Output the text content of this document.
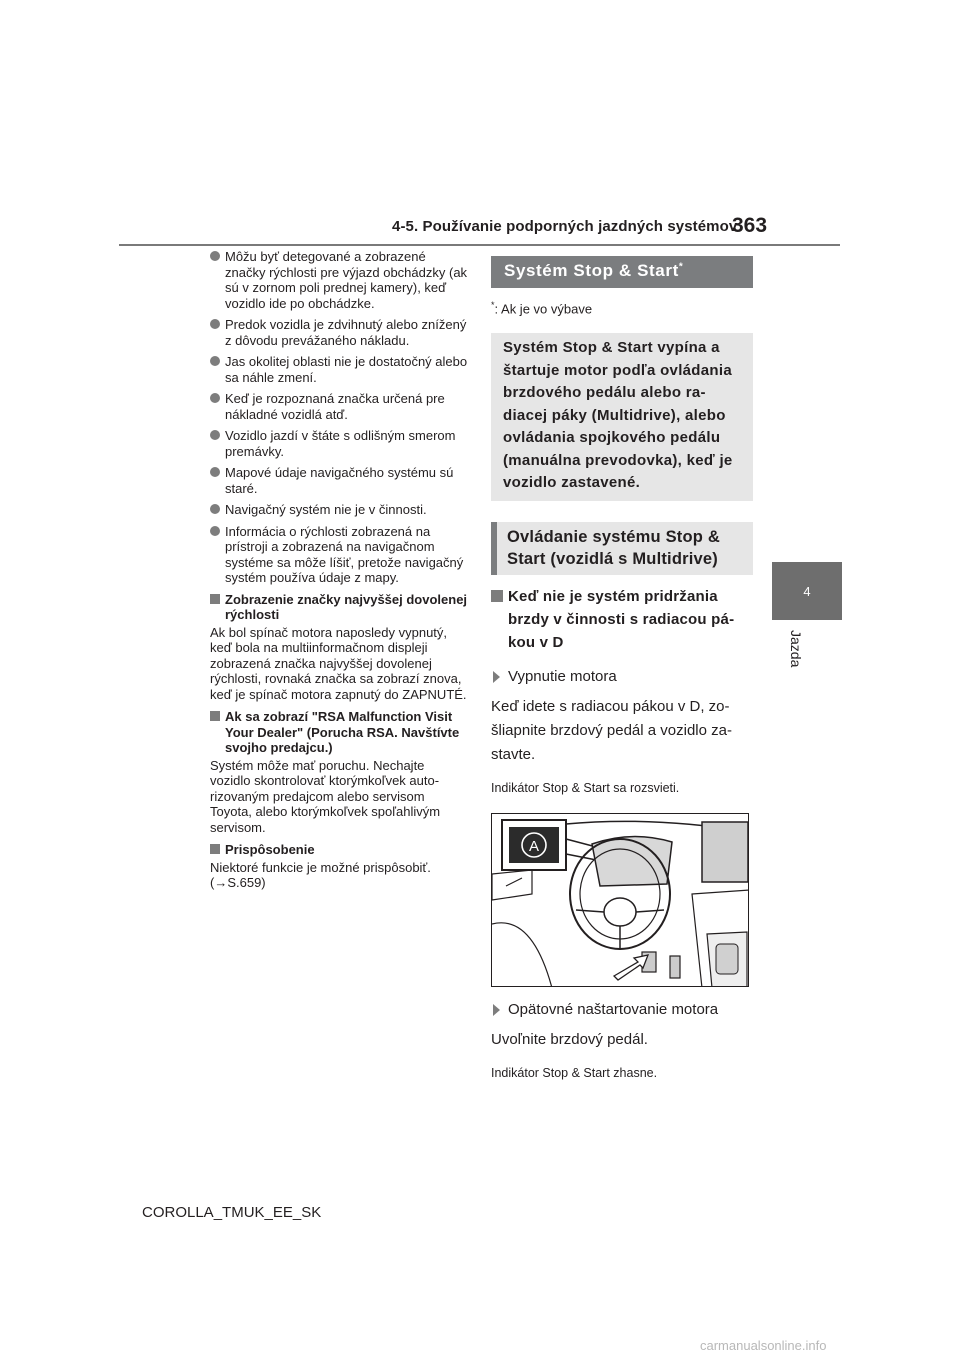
4-5. Používanie podporných jazdných systémov
363
4
Jazda
Môžu byť detegované a zobrazené značky rýchlosti pre výjazd obchádzky (ak sú v zornom poli prednej kamery), keď vozidlo ide po obchádzke.
Predok vozidla je zdvihnutý alebo znížený z dôvodu prevážaného nákladu.
Jas okolitej oblasti nie je dostatočný alebo sa náhle zmení.
Keď je rozpoznaná značka určená pre nákladné vozidlá atď.
Vozidlo jazdí v štáte s odlišným smerom premávky.
Mapové údaje navigačného systému sú staré.
Navigačný systém nie je v činnosti.
Informácia o rýchlosti zobrazená na prístroji a zobrazená na navigačnom systéme sa môže líšiť, pretože navigačný systém používa údaje z mapy.
Zobrazenie značky najvyššej dovolenej rýchlosti
Ak bol spínač motora naposledy vypnutý, keď bola na multiinformačnom displeji zobrazená značka najvyššej dovolenej rýchlosti, rovnaká značka sa zobrazí znova, keď je spínač motora zapnutý do ZAPNUTÉ.
Ak sa zobrazí "RSA Malfunction Visit Your Dealer" (Porucha RSA. Navštívte svojho predajcu.)
Systém môže mať poruchu. Nechajte vozidlo skontrolovať ktorýmkoľvek autorizovaným predajcom alebo servisom Toyota, alebo ktorýmkoľvek spoľahlivým servisom.
Prispôsobenie
Niektoré funkcie je možné prispôsobiť.
(→S.659)
Systém Stop & Start*
*: Ak je vo výbave
Systém Stop & Start vypína a štartuje motor podľa ovládania brzdového pedálu alebo radiacej páky (Multidrive), alebo ovládania spojkového pedálu (manuálna prevodovka), keď je vozidlo zastavené.
Ovládanie systému Stop & Start (vozidlá s Multidrive)
Keď nie je systém pridržania brzdy v činnosti s radiacou pákou v D
Vypnutie motora
Keď idete s radiacou pákou v D, zošliapnite brzdový pedál a vozidlo zastavte.
Indikátor Stop & Start sa rozsvieti.
A
Opätovné naštartovanie motora
Uvoľnite brzdový pedál.
Indikátor Stop & Start zhasne.
COROLLA_TMUK_EE_SK
carmanualsonline.info
